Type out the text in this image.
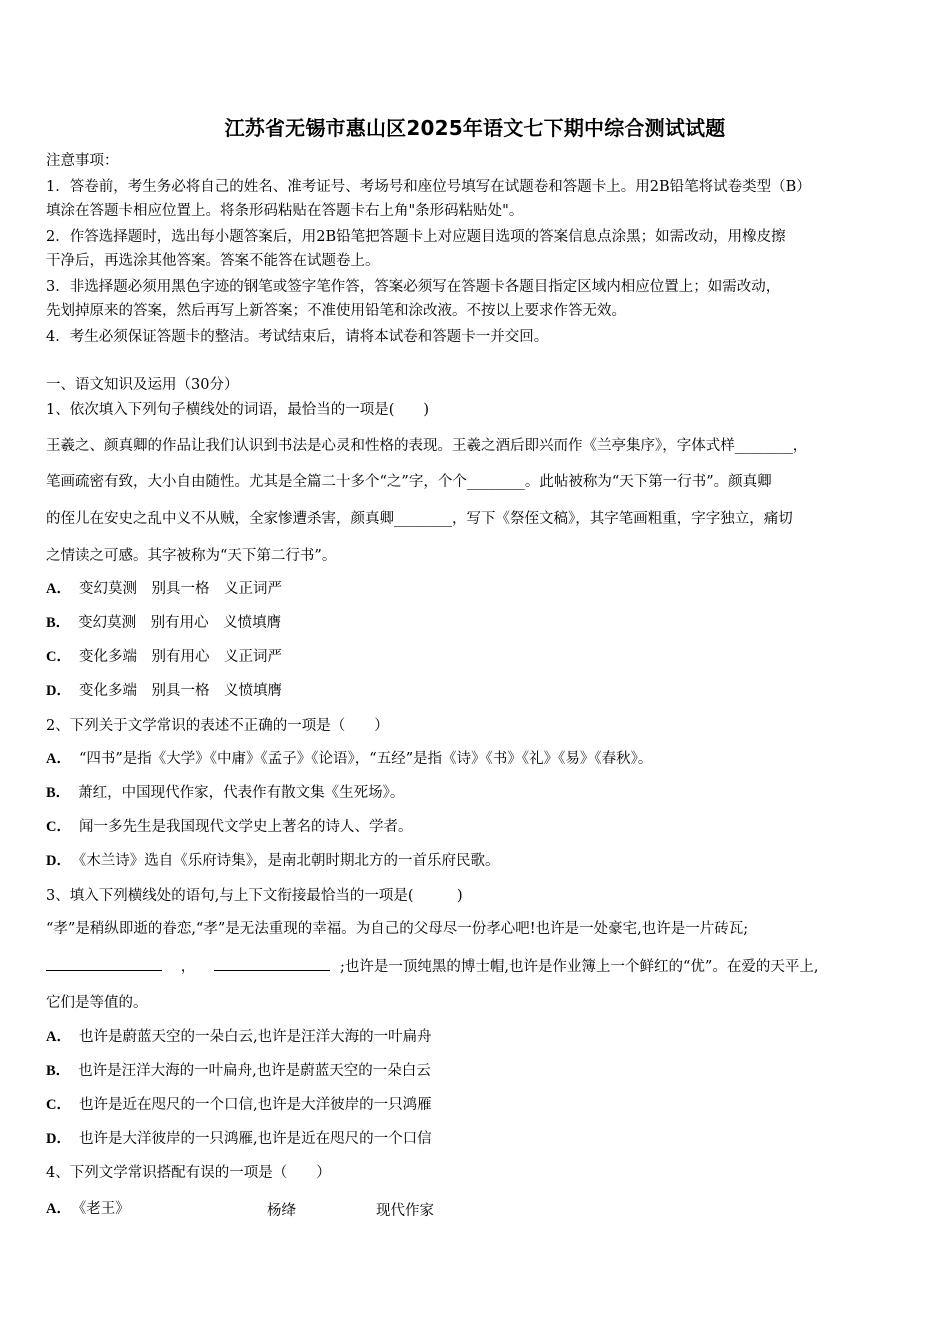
江苏省无锡市惠山区2025年语文七下期中综合测试试题
注意事项：
1．答卷前，考生务必将自己的姓名、准考证号、考场号和座位号填写在试题卷和答题卡上。用2B铅笔将试卷类型（B）
填涂在答题卡相应位置上。将条形码粘贴在答题卡右上角"条形码粘贴处"。
2．作答选择题时，选出每小题答案后，用2B铅笔把答题卡上对应题目选项的答案信息点涂黑；如需改动，用橡皮擦
干净后，再选涂其他答案。答案不能答在试题卷上。
3．非选择题必须用黑色字迹的钢笔或签字笔作答，答案必须写在答题卡各题目指定区域内相应位置上；如需改动，
先划掉原来的答案，然后再写上新答案；不准使用铅笔和涂改液。不按以上要求作答无效。
4．考生必须保证答题卡的整洁。考试结束后，请将本试卷和答题卡一并交回。
一、语文知识及运用（30分）
1、依次填入下列句子横线处的词语，最恰当的一项是(　　)
王羲之、颜真卿的作品让我们认识到书法是心灵和性格的表现。王羲之酒后即兴而作《兰亭集序》，字体式样________，
笔画疏密有致，大小自由随性。尤其是全篇二十多个“之”字，个个________。此帖被称为“天下第一行书”。颜真卿
的侄儿在安史之乱中义不从贼，全家惨遭杀害，颜真卿________，写下《祭侄文稿》，其字笔画粗重，字字独立，痛切
之情读之可感。其字被称为“天下第二行书”。
A． 变幻莫测　别具一格　义正词严
B． 变幻莫测　别有用心　义愤填膺
C． 变化多端　别有用心　义正词严
D． 变化多端　别具一格　义愤填膺
2、下列关于文学常识的表述不正确的一项是（　　）
A． “四书”是指《大学》《中庸》《孟子》《论语》，“五经”是指《诗》《书》《礼》《易》《春秋》。
B． 萧红，中国现代作家，代表作有散文集《生死场》。
C． 闻一多先生是我国现代文学史上著名的诗人、学者。
D． 《木兰诗》选自《乐府诗集》，是南北朝时期北方的一首乐府民歌。
3、填入下列横线处的语句,与上下文衔接最恰当的一项是(　　　)
“孝”是稍纵即逝的眷恋,“孝”是无法重现的幸福。为自己的父母尽一份孝心吧!也许是一处豪宅,也许是一片砖瓦;
，	;也许是一顶纯黑的博士帽,也许是作业簿上一个鲜红的“优”。在爱的天平上,
它们是等值的。
A． 也许是蔚蓝天空的一朵白云,也许是汪洋大海的一叶扁舟
B． 也许是汪洋大海的一叶扁舟,也许是蔚蓝天空的一朵白云
C． 也许是近在咫尺的一个口信,也许是大洋彼岸的一只鸿雁
D． 也许是大洋彼岸的一只鸿雁,也许是近在咫尺的一个口信
4、下列文学常识搭配有误的一项是（　　）
A． 《老王》	杨绛	现代作家
